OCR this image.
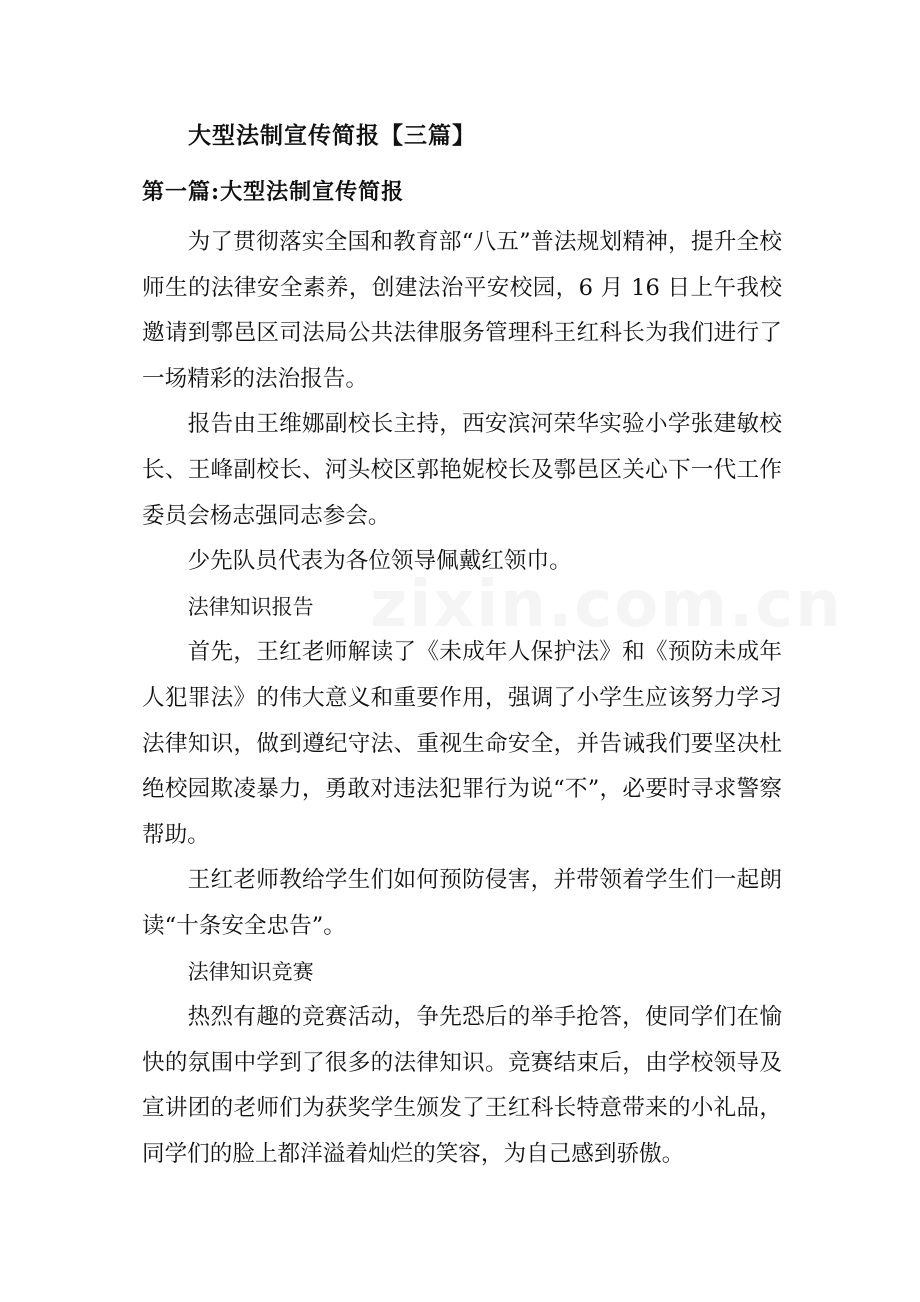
大型法制宣传简报【三篇】
第一篇:大型法制宣传简报

为了贯彻落实全国和教育部“八五”普法规划精神，提升全校师生的法律安全素养，创建法治平安校园，6 月 16 日上午我校邀请到鄠邑区司法局公共法律服务管理科王红科长为我们进行了一场精彩的法治报告。

报告由王维娜副校长主持，西安滨河荣华实验小学张建敏校长、王峰副校长、河头校区郭艳妮校长及鄠邑区关心下一代工作委员会杨志强同志参会。

少先队员代表为各位领导佩戴红领巾。

法律知识报告

首先，王红老师解读了《未成年人保护法》和《预防未成年人犯罪法》的伟大意义和重要作用，强调了小学生应该努力学习法律知识，做到遵纪守法、重视生命安全，并告诫我们要坚决杜绝校园欺凌暴力，勇敢对违法犯罪行为说“不”，必要时寻求警察帮助。

王红老师教给学生们如何预防侵害，并带领着学生们一起朗读“十条安全忠告”。

法律知识竞赛

热烈有趣的竞赛活动，争先恐后的举手抢答，使同学们在愉快的氛围中学到了很多的法律知识。竞赛结束后，由学校领导及宣讲团的老师们为获奖学生颁发了王红科长特意带来的小礼品，同学们的脸上都洋溢着灿烂的笑容，为自己感到骄傲。

zixin.com.cn
